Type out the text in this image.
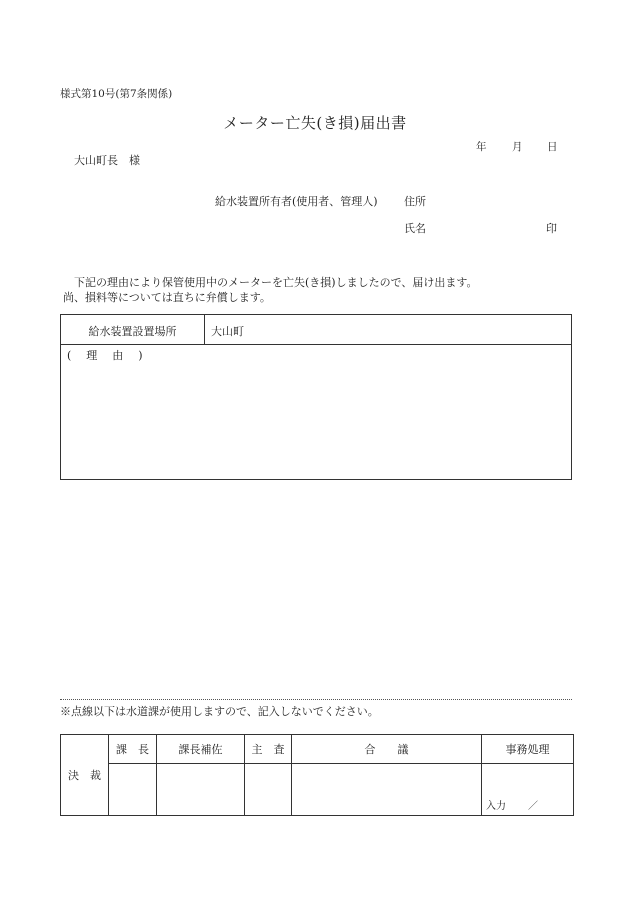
様式第10号(第7条関係)
メーター亡失(き損)届出書
年 月 日
大山町長　様
給水装置所有者(使用者、管理人) 住所
氏名	印
下記の理由により保管使用中のメーターを亡失(き損)しましたので、届け出ます。
尚、損料等については直ちに弁償します。
給水装置設置場所	大山町
(　理　由　)
※点線以下は水道課が使用しますので、記入しないでください。
決　裁	課　長	課長補佐	主　査	合　　議	事務処理

					入力 ／
